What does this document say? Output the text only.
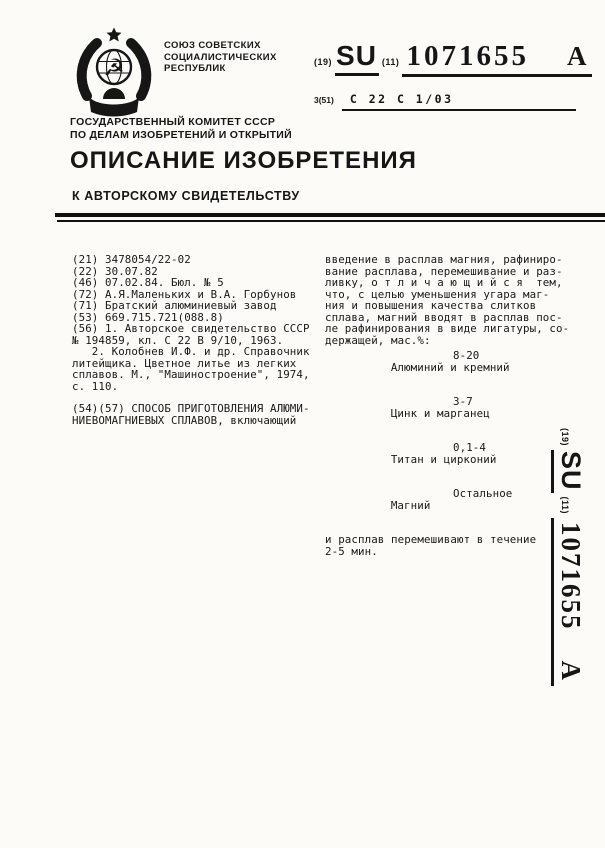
☭
СОЮЗ СОВЕТСКИХ
СОЦИАЛИСТИЧЕСКИХ
РЕСПУБЛИК
(19) SU (11) 1071655 A
3(51)	С 22 С 1/03
ГОСУДАРСТВЕННЫЙ КОМИТЕТ СССР
ПО ДЕЛАМ ИЗОБРЕТЕНИЙ И ОТКРЫТИЙ
ОПИСАНИЕ ИЗОБРЕТЕНИЯ
К АВТОРСКОМУ СВИДЕТЕЛЬСТВУ
(21) 3478054/22-02
(22) 30.07.82
(46) 07.02.84. Бюл. № 5
(72) А.Я.Маленьких и В.А. Горбунов
(71) Братский алюминиевый завод
(53) 669.715.721(088.8)
(56) 1. Авторское свидетельство СССР
№ 194859, кл. С 22 В 9/10, 1963.
2. Колобнев И.Ф. и др. Справочник
литейщика. Цветное литье из легких
сплавов. М., "Машиностроение", 1974,
с. 110.
(54)(57) СПОСОБ ПРИГОТОВЛЕНИЯ АЛЮМИ-
НИЕВОМАГНИЕВЫХ СПЛАВОВ, включающий
введение в расплав магния, рафиниро-
вание расплава, перемешивание и раз-
ливку, о т л и ч а ю щ и й с я  тем,
что, с целью уменьшения угара маг-
ния и повышения качества слитков
сплава, магний вводят в расплав пос-
ле рафинирования в виде лигатуры, со-
держащей, мас.%:

Алюминий и кремний

8-20

Цинк и марганец

3-7

Титан и цирконий

0,1-4

Магний

Остальное

и расплав перемешивают в течение
2-5 мин.
(19)
SU
(11)
1071655
A
